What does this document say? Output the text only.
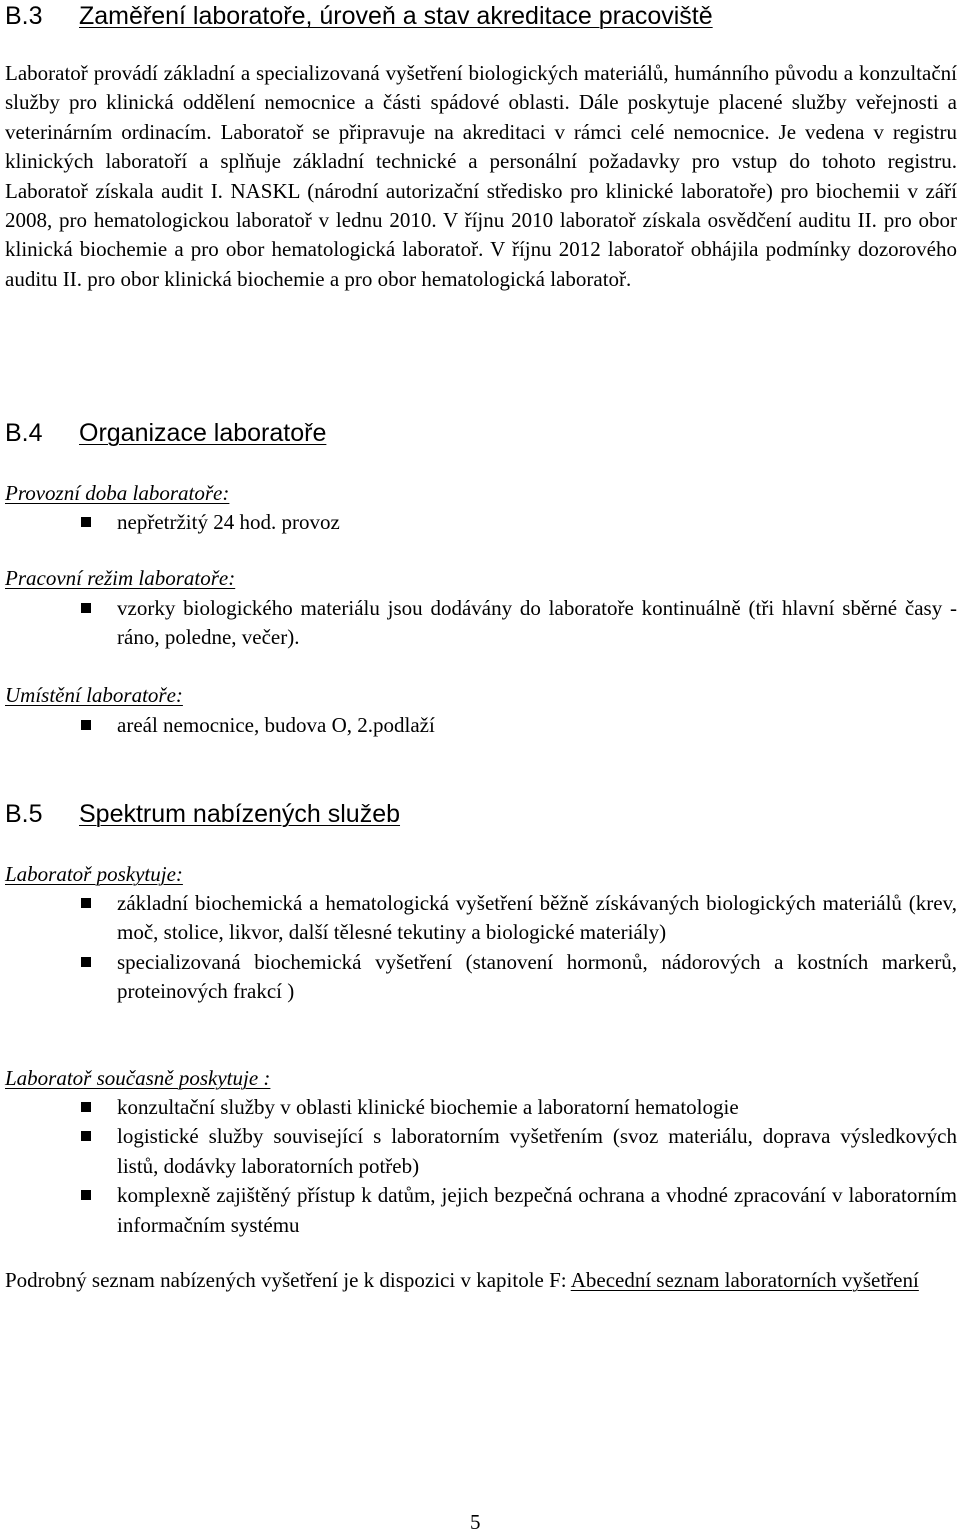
B.3 Zaměření laboratoře, úroveň a stav akreditace pracoviště

Laboratoř provádí základní a specializovaná vyšetření biologických materiálů, humánního původu a konzultační služby pro klinická oddělení nemocnice a části spádové oblasti. Dále poskytuje placené služby veřejnosti a veterinárním ordinacím. Laboratoř se připravuje na akreditaci v rámci celé nemocnice. Je vedena v registru klinických laboratoří a splňuje základní technické a personální požadavky pro vstup do tohoto registru. Laboratoř získala audit I. NASKL (národní autorizační středisko pro klinické laboratoře) pro biochemii v září 2008, pro hematologickou laboratoř v lednu 2010. V říjnu 2010 laboratoř získala osvědčení auditu II. pro obor klinická biochemie a pro obor hematologická laboratoř. V říjnu 2012 laboratoř obhájila podmínky dozorového auditu II. pro obor klinická biochemie a pro obor hematologická laboratoř.

B.4 Organizace laboratoře
Provozní doba laboratoře:
nepřetržitý 24 hod. provoz
Pracovní režim laboratoře:
vzorky biologického materiálu jsou dodávány do laboratoře kontinuálně (tři hlavní sběrné časy - ráno, poledne, večer).
Umístění laboratoře:
areál nemocnice, budova O, 2.podlaží
B.5 Spektrum nabízených služeb
Laboratoř poskytuje:
základní biochemická a hematologická vyšetření běžně získávaných biologických materiálů (krev, moč, stolice, likvor, další tělesné tekutiny a biologické materiály)
specializovaná biochemická vyšetření (stanovení hormonů, nádorových a kostních markerů, proteinových frakcí )
Laboratoř současně poskytuje :
konzultační služby v oblasti klinické biochemie a laboratorní hematologie
logistické služby související s laboratorním vyšetřením (svoz materiálu, doprava výsledkových listů, dodávky laboratorních potřeb)
komplexně zajištěný přístup k datům, jejich bezpečná ochrana a vhodné zpracování v laboratorním informačním systému

Podrobný seznam nabízených vyšetření je k dispozici v kapitole F: Abecední seznam laboratorních vyšetření

5
